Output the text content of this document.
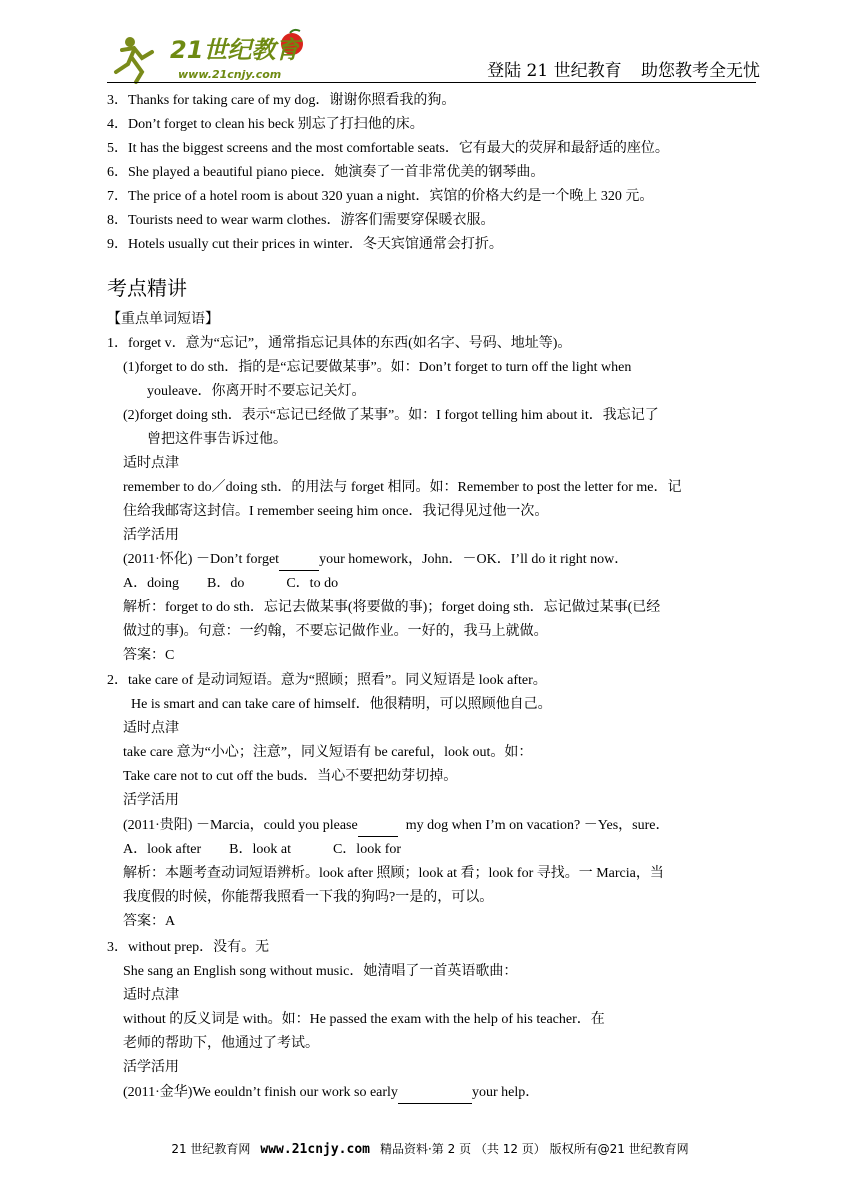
21世纪教育
www.21cnjy.com	登陆 21 世纪教育 助您教考全无忧
3．Thanks for taking care of my dog．谢谢你照看我的狗。
4．Don’t forget to clean his beck 别忘了打扫他的床。
5．It has the biggest screens and the most comfortable seats．它有最大的荧屏和最舒适的座位。
6．She played a beautiful piano piece．她演奏了一首非常优美的钢琴曲。
7．The price of a hotel room is about 320 yuan a night．宾馆的价格大约是一个晚上 320 元。
8．Tourists need to wear warm clothes．游客们需要穿保暖衣服。
9．Hotels usually cut their prices in winter．冬天宾馆通常会打折。
考点精讲
【重点单词短语】
1．forget v．意为“忘记”，通常指忘记具体的东西(如名字、号码、地址等)。
(1)forget to do sth．指的是“忘记要做某事”。如：Don’t forget to turn off the light when
youleave．你离开时不要忘记关灯。
(2)forget doing sth．表示“忘记已经做了某事”。如：I forgot telling him about it．我忘记了
曾把这件事告诉过他。
适时点津
remember to do／doing sth．的用法与 forget 相同。如：Remember to post the letter for me．记
住给我邮寄这封信。I remember seeing him once．我记得见过他一次。
活学活用
(2011·怀化) －Don’t forget	your homework，John．－OK．I’ll do it right now．
A．doing　　B．do　　　C．to do
解析：forget to do sth．忘记去做某事(将要做的事)；forget doing sth．忘记做过某事(已经
做过的事)。句意：一约翰，不要忘记做作业。一好的，我马上就做。
答案：C
2．take care of 是动词短语。意为“照顾；照看”。同义短语是 look after。
He is smart and can take care of himself．他很精明，可以照顾他自己。
适时点津
take care 意为“小心；注意”，同义短语有 be careful，look out。如：
Take care not to cut off the buds．当心不要把幼芽切掉。
活学活用
(2011·贵阳) －Marcia，could you please	my dog when I’m on vacation? －Yes，sure．
A．look after　　B．look at　　　C．look for
解析：本题考查动词短语辨析。look after 照顾；look at 看；look for 寻找。一 Marcia，当
我度假的时候，你能帮我照看一下我的狗吗?一是的，可以。
答案：A
3．without prep．没有。无
She sang an English song without music．她清唱了一首英语歌曲：
适时点津
without 的反义词是 with。如：He passed the exam with the help of his teacher．在
老师的帮助下，他通过了考试。
活学活用
(2011·金华)We eouldn’t finish our work so early	your help．
21 世纪教育网 www.21cnjy.com 精品资料·第 2 页 （共 12 页） 版权所有@21 世纪教育网
